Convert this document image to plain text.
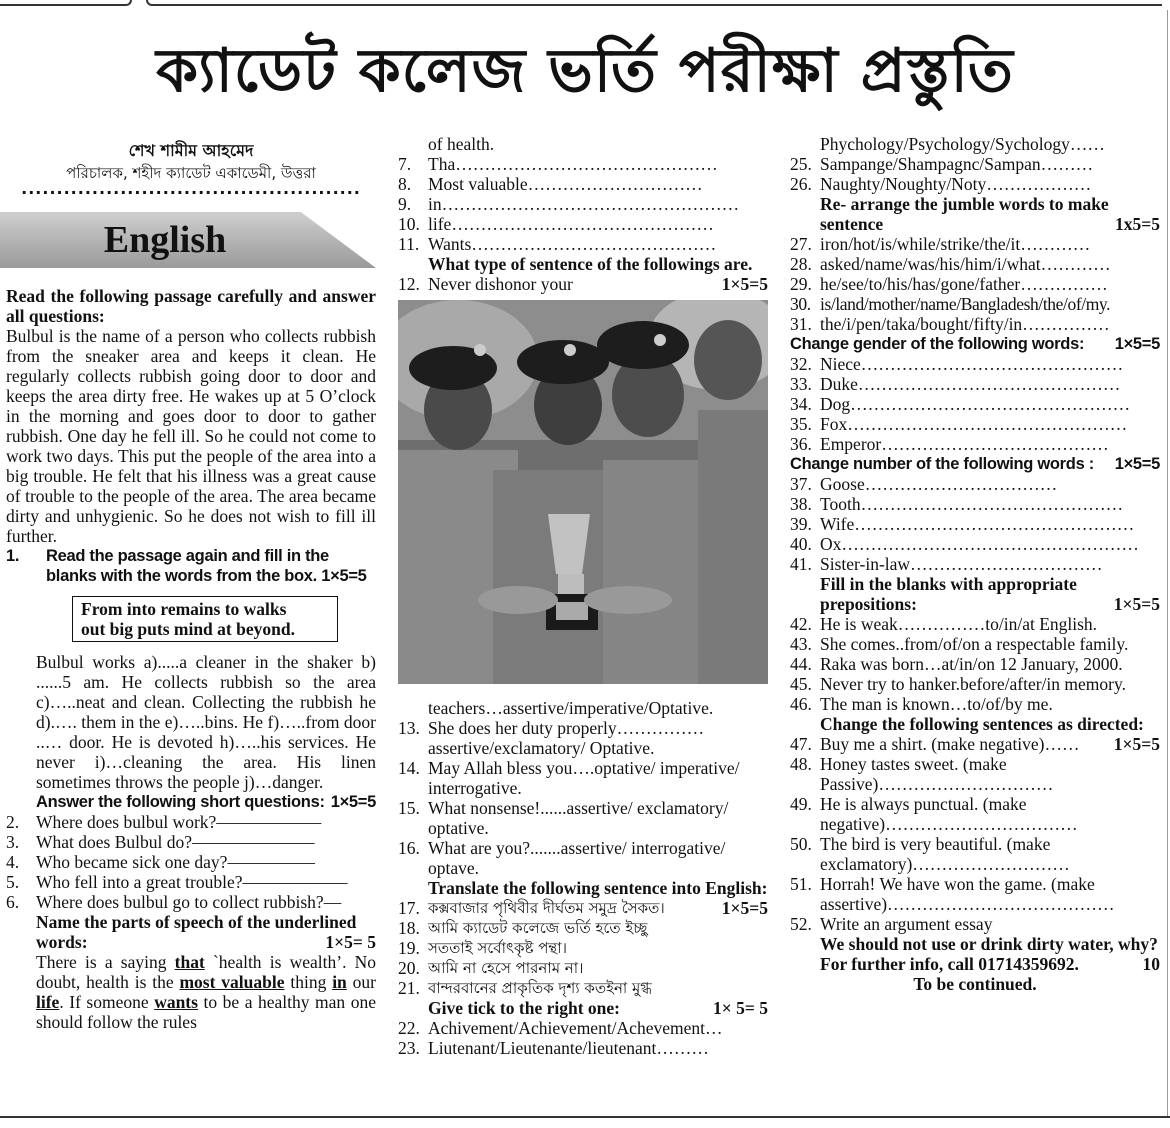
ক্যাডেট কলেজ ভর্তি পরীক্ষা প্রস্তুতি
শেখ শামীম আহমেদ
পরিচালক, শহীদ ক্যাডেট একাডেমী, উত্তরা
................................................
English
Read the following passage carefully and answer all questions:
Bulbul is the name of a person who collects rubbish from the sneaker area and keeps it clean. He regularly collects rubbish going door to door and keeps the area dirty free. He wakes up at 5 O’clock in the morning and goes door to door to gather rubbish. One day he fell ill. So he could not come to work two days. This put the people of the area into a big trouble. He felt that his illness was a great cause of trouble to the people of the area. The area became dirty and unhygienic. So he does not wish to fill ill further.
1.	Read the passage again and fill in the blanks with the words from the box. 1×5=5
From into remains to walks
out big puts mind at beyond.
Bulbul works a).....a cleaner in the shaker b) ......5 am. He collects rubbish so the area c)…..neat and clean. Collecting the rubbish he d).…. them in the e)…..bins. He f)…..from door ..… door. He is devoted h)…..his services. He never i)…cleaning the area. His linen sometimes throws the people j)…danger.
Answer the following short questions: 1×5=5
2. Where does bulbul work?——————
3. What does Bulbul do?———————
4. Who became sick one day?—————
5. Who fell into a great trouble?——————
6. Where does bulbul go to collect rubbish?—
Name the parts of speech of the underlined words:	1×5= 5
There is a saying that `health is wealth’. No doubt, health is the most valuable thing in our life. If someone wants to be a healthy man one should follow the rules
of health.
7. Tha………………………………………
8. Most valuable…………………………
9. in……………………………………………
10. life………………………………………
11. Wants……………………………………
What type of sentence of the followings are.
1×5=5
12. Never dishonor your
teachers…assertive/imperative/Optative.
13. She does her duty properly…………… assertive/exclamatory/ Optative.
14. May Allah bless you….optative/ imperative/ interrogative.
15. What nonsense!......assertive/ exclamatory/ optative.
16. What are you?.......assertive/ interrogative/ optave.
Translate the following sentence into English:
1×5=5
17. কক্সবাজার পৃথিবীর দীর্ঘতম সমুদ্র সৈকত।
18. আমি ক্যাডেট কলেজে ভর্তি হতে ইচ্ছু
19. সততাই সর্বোৎকৃষ্ট পন্থা।
20. আমি না হেসে পারনাম না।
21. বান্দরবানের প্রাকৃতিক দৃশ্য কতইনা মুগ্ধ
Give tick to the right one:	1× 5= 5
22. Achivement/Achievement/Achevement…
23. Liutenant/Lieutenante/lieutenant………
Phychology/Psychology/Sychology……
25. Sampange/Shampagnc/Sampan………
26. Naughty/Noughty/Noty………………
Re- arrange the jumble words to make sentence	1x5=5
27. iron/hot/is/while/strike/the/it…………
28. asked/name/was/his/him/i/what…………
29. he/see/to/his/has/gone/father……………
30. is/land/mother/name/Bangladesh/the/of/my.
31. the/i/pen/taka/bought/fifty/in……………
Change gender of the following words: 1×5=5
32. Niece………………………………………
33. Duke………………………………………
34. Dog…………………………………………
35. Fox…………………………………………
36. Emperor…………………………………
Change number of the following words : 1×5=5
37. Goose……………………………
38. Tooth………………………………………
39. Wife…………………………………………
40. Ox……………………………………………
41. Sister-in-law……………………………
Fill in the blanks with appropriate prepositions:	1×5=5
42. He is weak……………to/in/at English.
43. She comes..from/of/on a respectable family.
44. Raka was born…at/in/on 12 January, 2000.
45. Never try to hanker.before/after/in memory.
46. The man is known…to/of/by me.
Change the following sentences as directed:
1×5=5
47. Buy me a shirt. (make negative)……
48. Honey tastes sweet. (make Passive)…………………………
49. He is always punctual. (make negative)……………………………
50. The bird is very beautiful. (make exclamatory)………………………
51. Horrah! We have won the game. (make assertive)…………………………………
52. Write an argument essay
We should not use or drink dirty water, why? For further info, call 01714359692.	10
To be continued.
